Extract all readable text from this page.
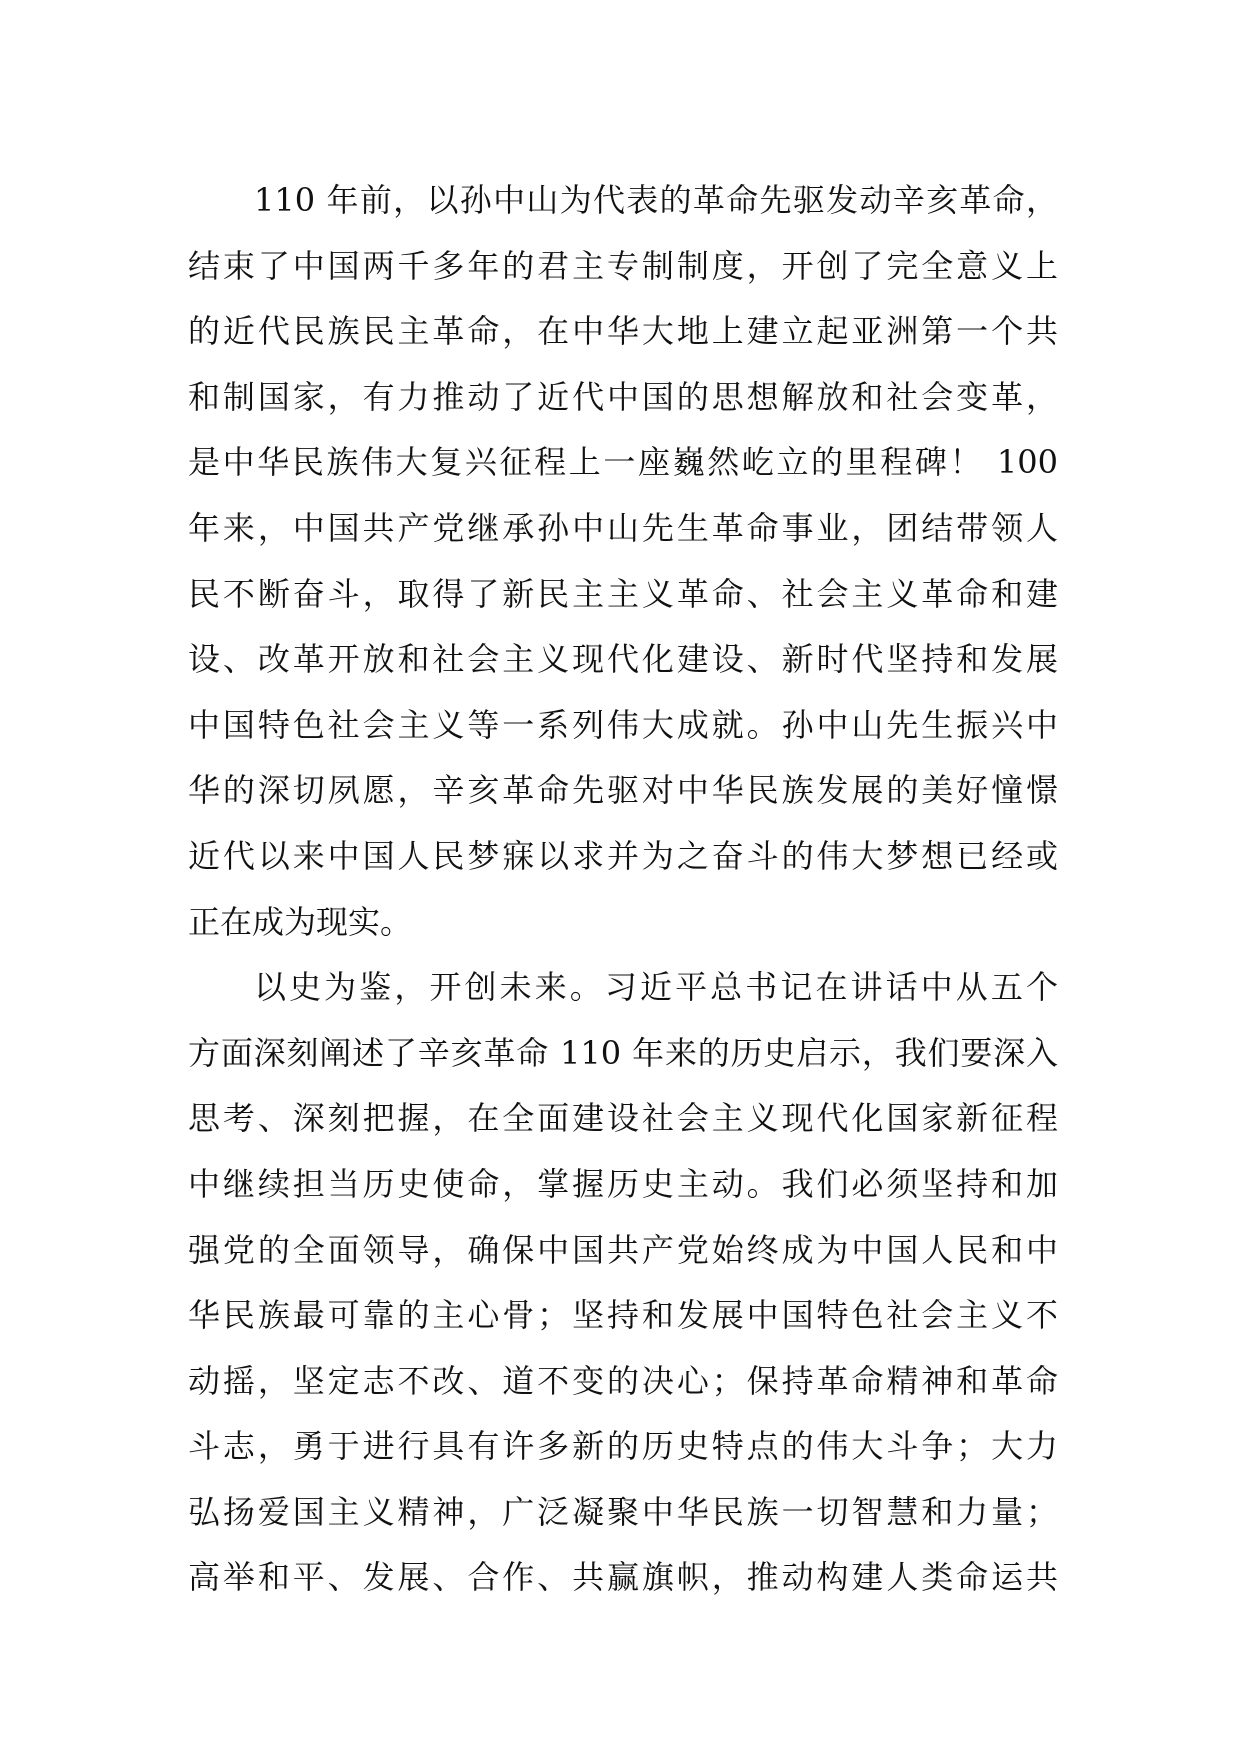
110 年前，以孙中山为代表的革命先驱发动辛亥革命，
结束了中国两千多年的君主专制制度，开创了完全意义上
的近代民族民主革命，在中华大地上建立起亚洲第一个共
和制国家，有力推动了近代中国的思想解放和社会变革，
是中华民族伟大复兴征程上一座巍然屹立的里程碑！ 100
年来，中国共产党继承孙中山先生革命事业，团结带领人
民不断奋斗，取得了新民主主义革命、社会主义革命和建
设、改革开放和社会主义现代化建设、新时代坚持和发展
中国特色社会主义等一系列伟大成就。孙中山先生振兴中
华的深切夙愿，辛亥革命先驱对中华民族发展的美好憧憬
近代以来中国人民梦寐以求并为之奋斗的伟大梦想已经或
正在成为现实。
以史为鉴，开创未来。习近平总书记在讲话中从五个
方面深刻阐述了辛亥革命 110 年来的历史启示，我们要深入
思考、深刻把握，在全面建设社会主义现代化国家新征程
中继续担当历史使命，掌握历史主动。我们必须坚持和加
强党的全面领导，确保中国共产党始终成为中国人民和中
华民族最可靠的主心骨；坚持和发展中国特色社会主义不
动摇，坚定志不改、道不变的决心；保持革命精神和革命
斗志，勇于进行具有许多新的历史特点的伟大斗争；大力
弘扬爱国主义精神，广泛凝聚中华民族一切智慧和力量；
高举和平、发展、合作、共赢旗帜，推动构建人类命运共
